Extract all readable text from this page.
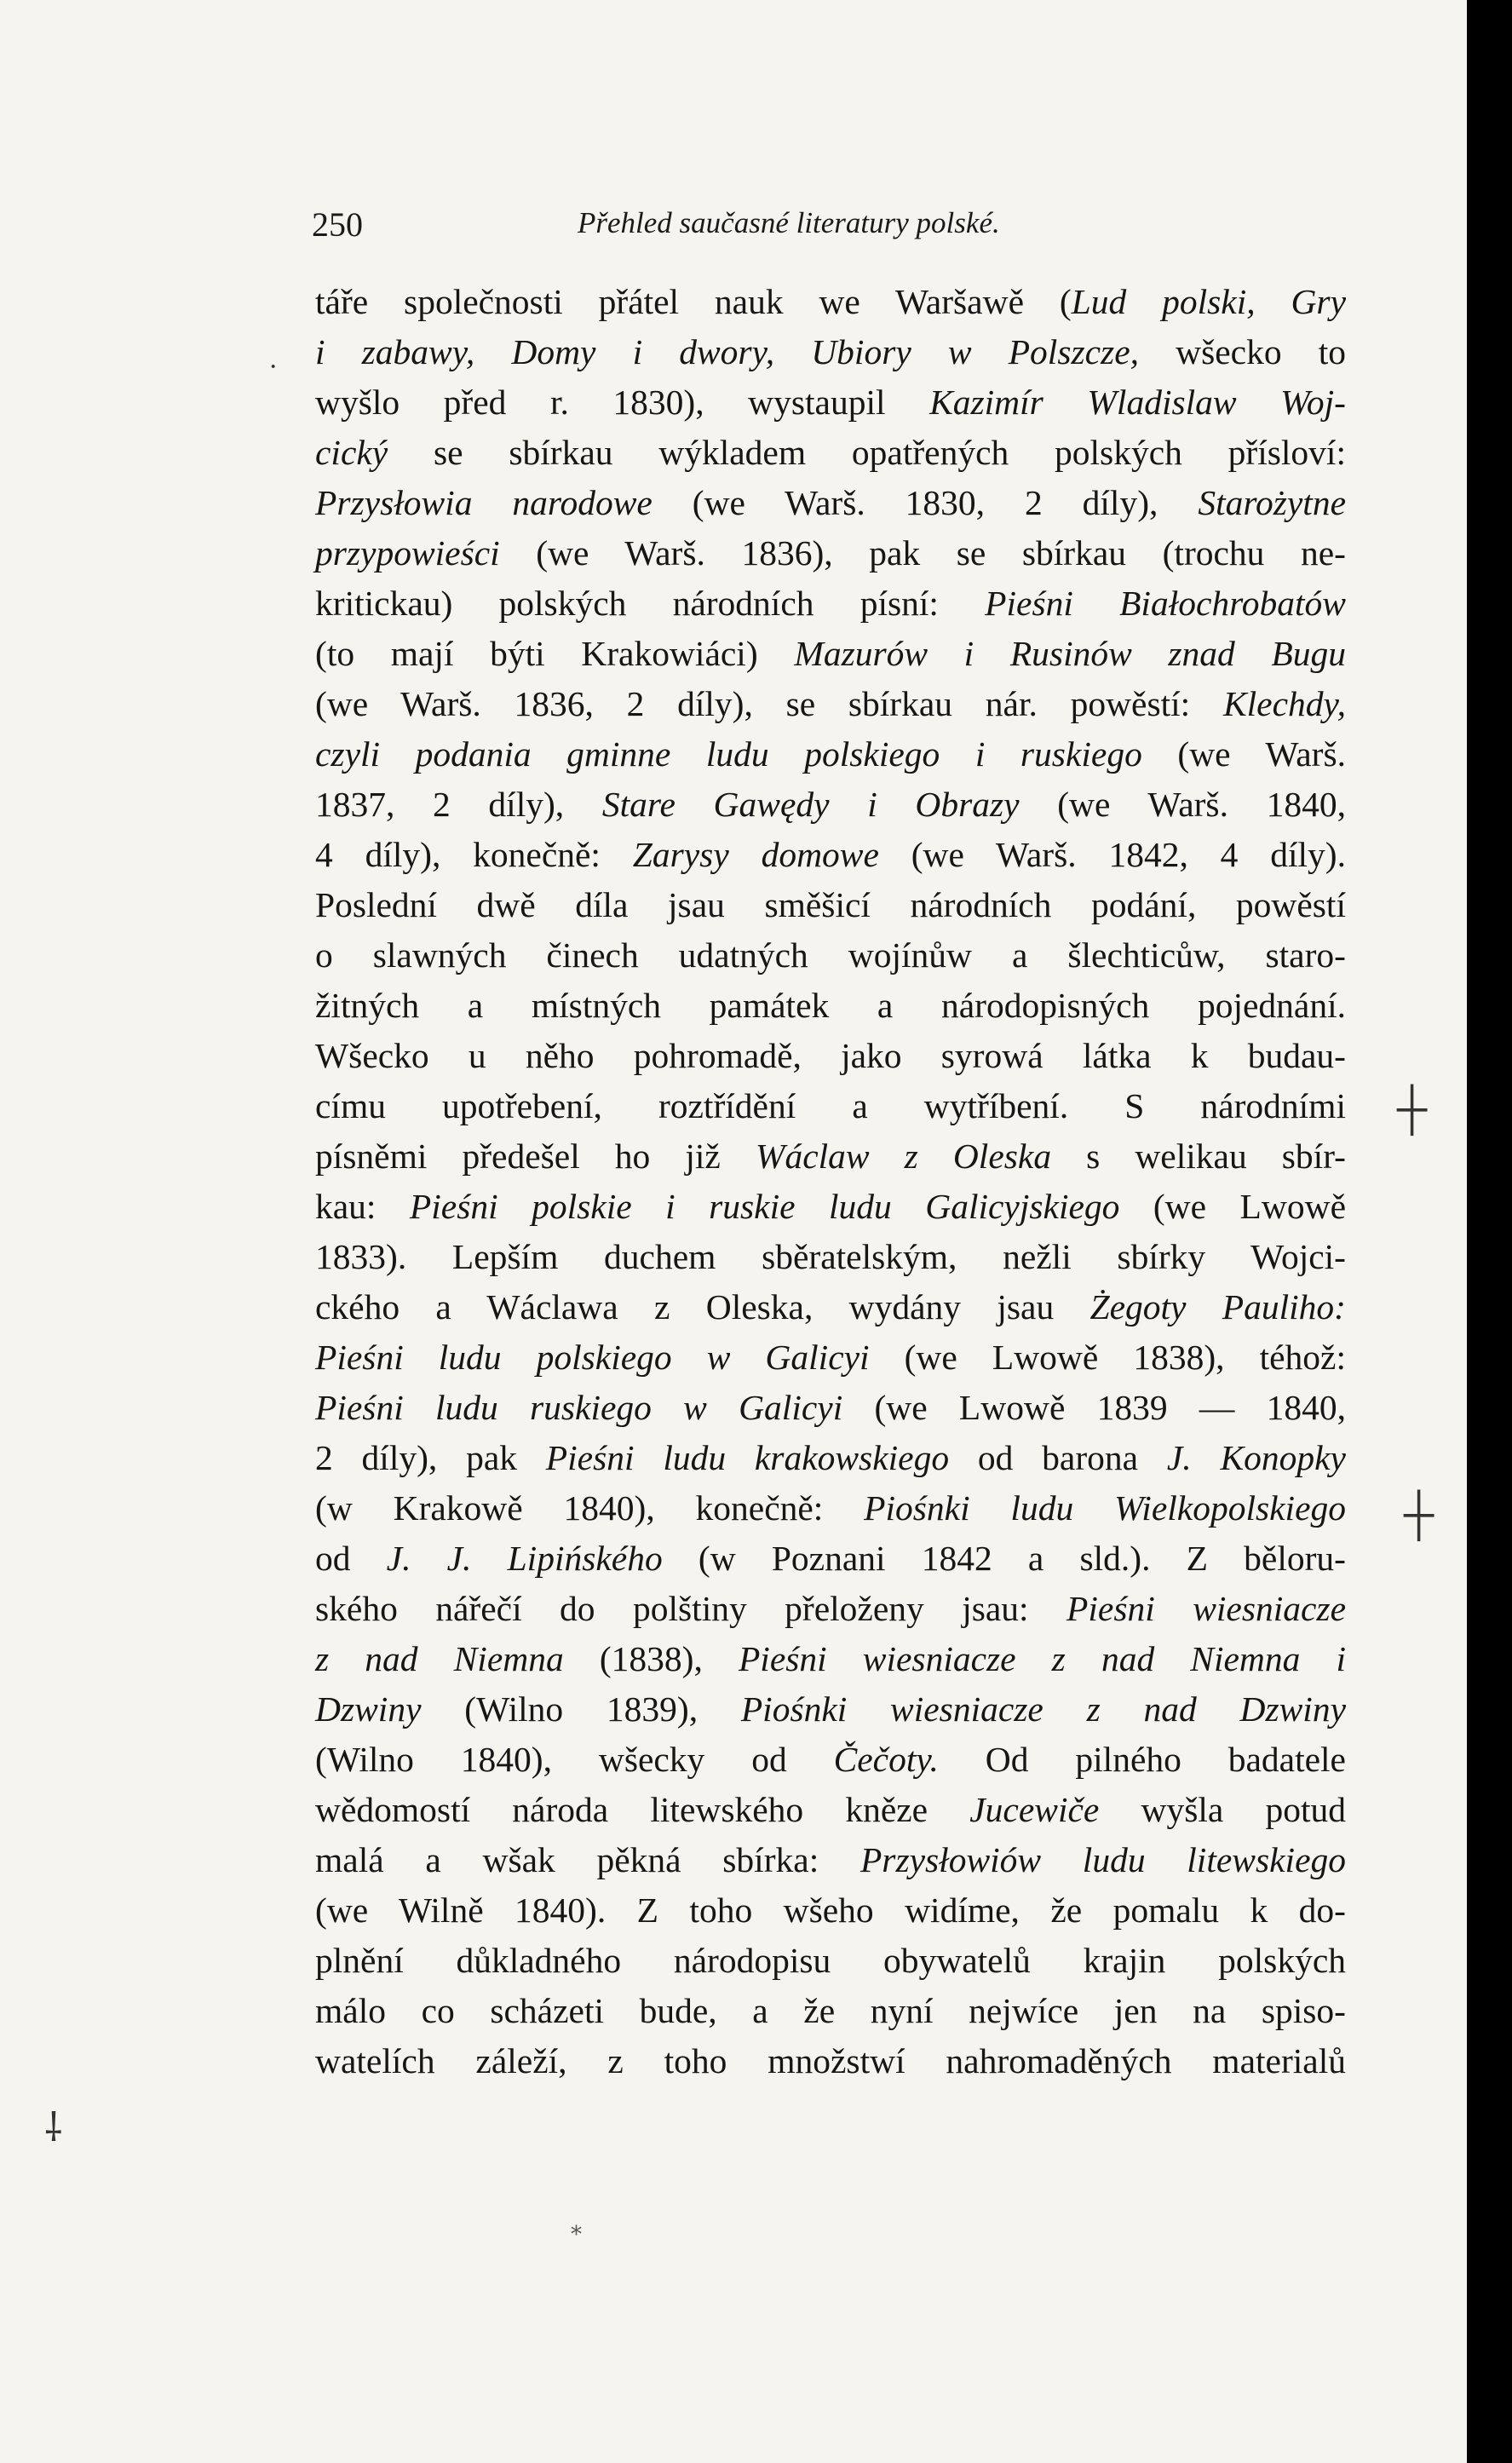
250	Přehled saučasné literatury polské.
táře společnosti přátel nauk we Waršawě (Lud polski, Gry
i zabawy, Domy i dwory, Ubiory w Polszcze, wšecko to
wyšlo před r. 1830), wystaupil Kazimír Wladislaw Woj-
cický se sbírkau wýkladem opatřených polských přísloví:
Przysłowia narodowe (we Warš. 1830, 2 díly), Starożytne
przypowieści (we Warš. 1836), pak se sbírkau (trochu ne-
kritickau) polských národních písní: Pieśni Białochrobatów
(to mají býti Krakowiáci) Mazurów i Rusinów znad Bugu
(we Warš. 1836, 2 díly), se sbírkau nár. powěstí: Klechdy,
czyli podania gminne ludu polskiego i ruskiego (we Warš.
1837, 2 díly), Stare Gawędy i Obrazy (we Warš. 1840,
4 díly), konečně: Zarysy domowe (we Warš. 1842, 4 díly).
Poslední dwě díla jsau směšicí národních podání, powěstí
o slawných činech udatných wojínůw a šlechticůw, staro-
žitných a místných památek a národopisných pojednání.
Wšecko u něho pohromadě, jako syrowá látka k budau-
címu upotřebení, roztřídění a wytříbení. S národními
písněmi předešel ho již Wáclaw z Oleska s welikau sbír-
kau: Pieśni polskie i ruskie ludu Galicyjskiego (we Lwowě
1833). Lepším duchem sběratelským, nežli sbírky Wojci-
ckého a Wáclawa z Oleska, wydány jsau Żegoty Pauliho:
Pieśni ludu polskiego w Galicyi (we Lwowě 1838), téhož:
Pieśni ludu ruskiego w Galicyi (we Lwowě 1839 — 1840,
2 díly), pak Pieśni ludu krakowskiego od barona J. Konopky
(w Krakowě 1840), konečně: Piośnki ludu Wielkopolskiego
od J. J. Lipińského (w Poznani 1842 a sld.). Z běloru-
ského nářečí do polštiny přeloženy jsau: Pieśni wiesniacze
z nad Niemna (1838), Pieśni wiesniacze z nad Niemna i
Dzwiny (Wilno 1839), Piośnki wiesniacze z nad Dzwiny
(Wilno 1840), wšecky od Čečoty. Od pilného badatele
wědomostí národa litewského kněze Jucewiče wyšla potud
malá a wšak pěkná sbírka: Przysłowiów ludu litewskiego
(we Wilně 1840). Z toho wšeho widíme, že pomalu k do-
plnění důkladného národopisu obywatelů krajin polských
málo co scházeti bude, a že nyní nejwíce jen na spiso-
watelích záleží, z toho množstwí nahromaděných materialů
·
┼
┼
⸸
⁎
